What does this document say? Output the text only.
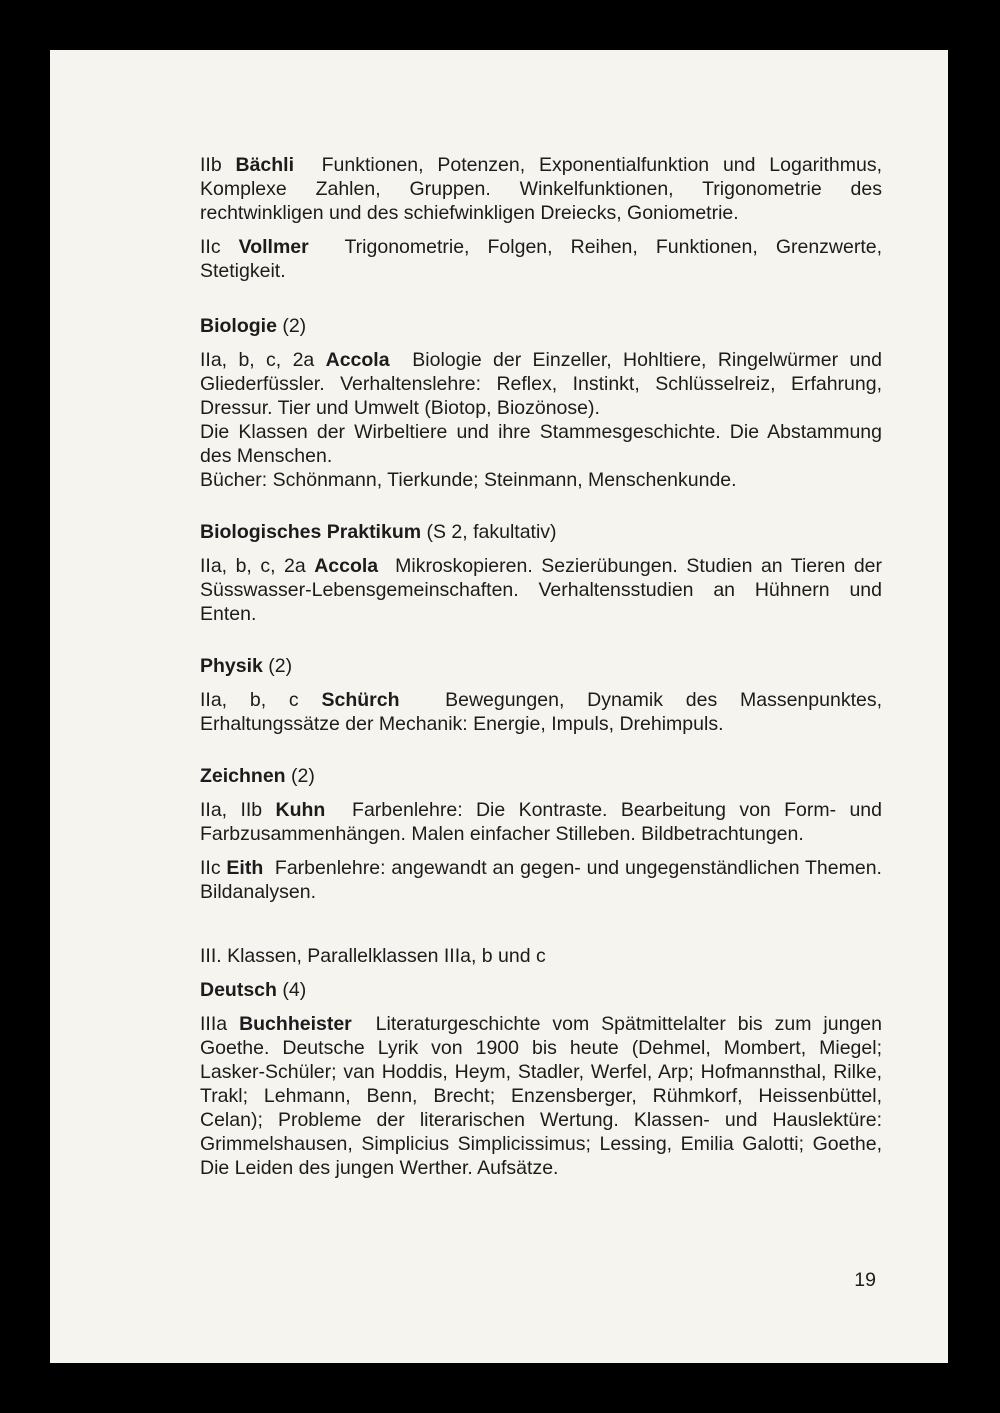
IIb Bächli Funktionen, Potenzen, Exponentialfunktion und Logarithmus, Komplexe Zahlen, Gruppen. Winkelfunktionen, Trigonometrie des rechtwinkligen und des schiefwinkligen Dreiecks, Goniometrie.

IIc Vollmer Trigonometrie, Folgen, Reihen, Funktionen, Grenzwerte, Stetigkeit.

Biologie (2)

IIa, b, c, 2a Accola Biologie der Einzeller, Hohltiere, Ringelwürmer und Gliederfüssler. Verhaltenslehre: Reflex, Instinkt, Schlüsselreiz, Erfahrung, Dressur. Tier und Umwelt (Biotop, Biozönose).

Die Klassen der Wirbeltiere und ihre Stammesgeschichte. Die Abstammung des Menschen.

Bücher: Schönmann, Tierkunde; Steinmann, Menschenkunde.

Biologisches Praktikum (S 2, fakultativ)

IIa, b, c, 2a Accola Mikroskopieren. Sezierübungen. Studien an Tieren der Süsswasser-Lebensgemeinschaften. Verhaltensstudien an Hühnern und Enten.

Physik (2)

IIa, b, c Schürch Bewegungen, Dynamik des Massenpunktes, Erhaltungssätze der Mechanik: Energie, Impuls, Drehimpuls.

Zeichnen (2)

IIa, IIb Kuhn Farbenlehre: Die Kontraste. Bearbeitung von Form- und Farbzusammenhängen. Malen einfacher Stilleben. Bildbetrachtungen.

IIc Eith Farbenlehre: angewandt an gegen- und ungegenständlichen Themen. Bildanalysen.

III. Klassen, Parallelklassen IIIa, b und c

Deutsch (4)

IIIa Buchheister Literaturgeschichte vom Spätmittelalter bis zum jungen Goethe. Deutsche Lyrik von 1900 bis heute (Dehmel, Mombert, Miegel; Lasker-Schüler; van Hoddis, Heym, Stadler, Werfel, Arp; Hofmannsthal, Rilke, Trakl; Lehmann, Benn, Brecht; Enzensberger, Rühmkorf, Heissenbüttel, Celan); Probleme der literarischen Wertung. Klassen- und Hauslektüre: Grimmelshausen, Simplicius Simplicissimus; Lessing, Emilia Galotti; Goethe, Die Leiden des jungen Werther. Aufsätze.

19
